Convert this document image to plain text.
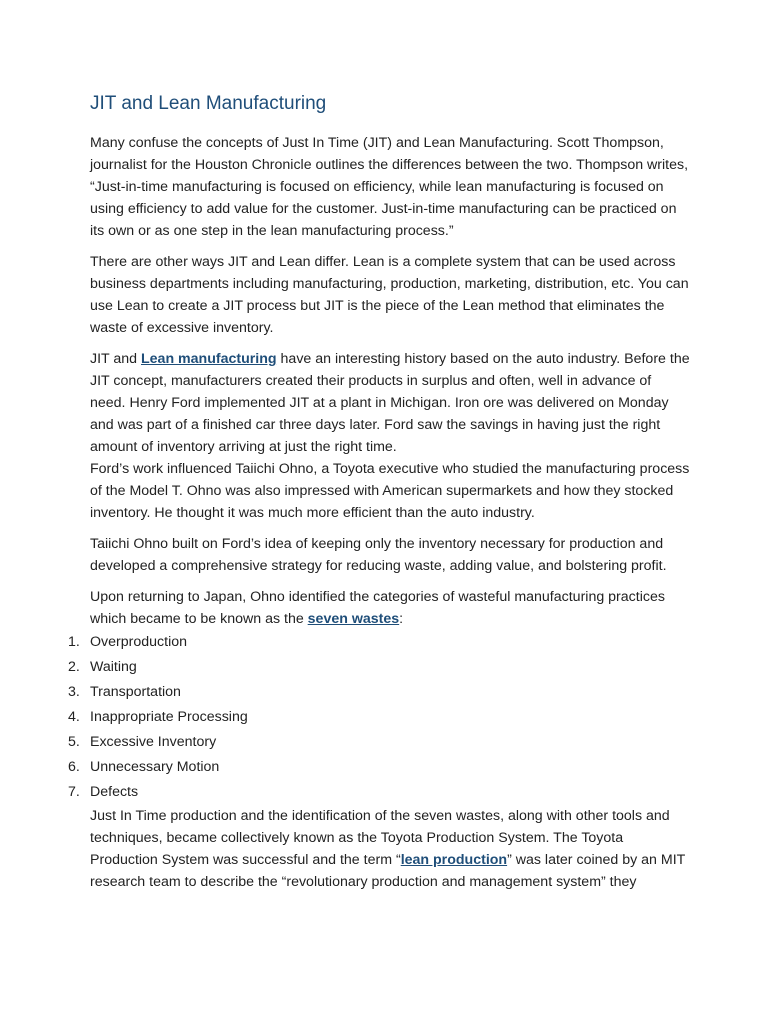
JIT and Lean Manufacturing

Many confuse the concepts of Just In Time (JIT) and Lean Manufacturing. Scott Thompson, journalist for the Houston Chronicle outlines the differences between the two. Thompson writes, “Just-in-time manufacturing is focused on efficiency, while lean manufacturing is focused on using efficiency to add value for the customer. Just-in-time manufacturing can be practiced on its own or as one step in the lean manufacturing process.”

There are other ways JIT and Lean differ. Lean is a complete system that can be used across business departments including manufacturing, production, marketing, distribution, etc. You can use Lean to create a JIT process but JIT is the piece of the Lean method that eliminates the waste of excessive inventory.

JIT and Lean manufacturing have an interesting history based on the auto industry. Before the JIT concept, manufacturers created their products in surplus and often, well in advance of need. Henry Ford implemented JIT at a plant in Michigan. Iron ore was delivered on Monday and was part of a finished car three days later. Ford saw the savings in having just the right amount of inventory arriving at just the right time.

Ford’s work influenced Taiichi Ohno, a Toyota executive who studied the manufacturing process of the Model T. Ohno was also impressed with American supermarkets and how they stocked inventory. He thought it was much more efficient than the auto industry.

Taiichi Ohno built on Ford’s idea of keeping only the inventory necessary for production and developed a comprehensive strategy for reducing waste, adding value, and bolstering profit.

Upon returning to Japan, Ohno identified the categories of wasteful manufacturing practices which became to be known as the seven wastes:

1. Overproduction
2. Waiting
3. Transportation
4. Inappropriate Processing
5. Excessive Inventory
6. Unnecessary Motion
7. Defects

Just In Time production and the identification of the seven wastes, along with other tools and techniques, became collectively known as the Toyota Production System. The Toyota Production System was successful and the term “lean production” was later coined by an MIT research team to describe the “revolutionary production and management system” they
